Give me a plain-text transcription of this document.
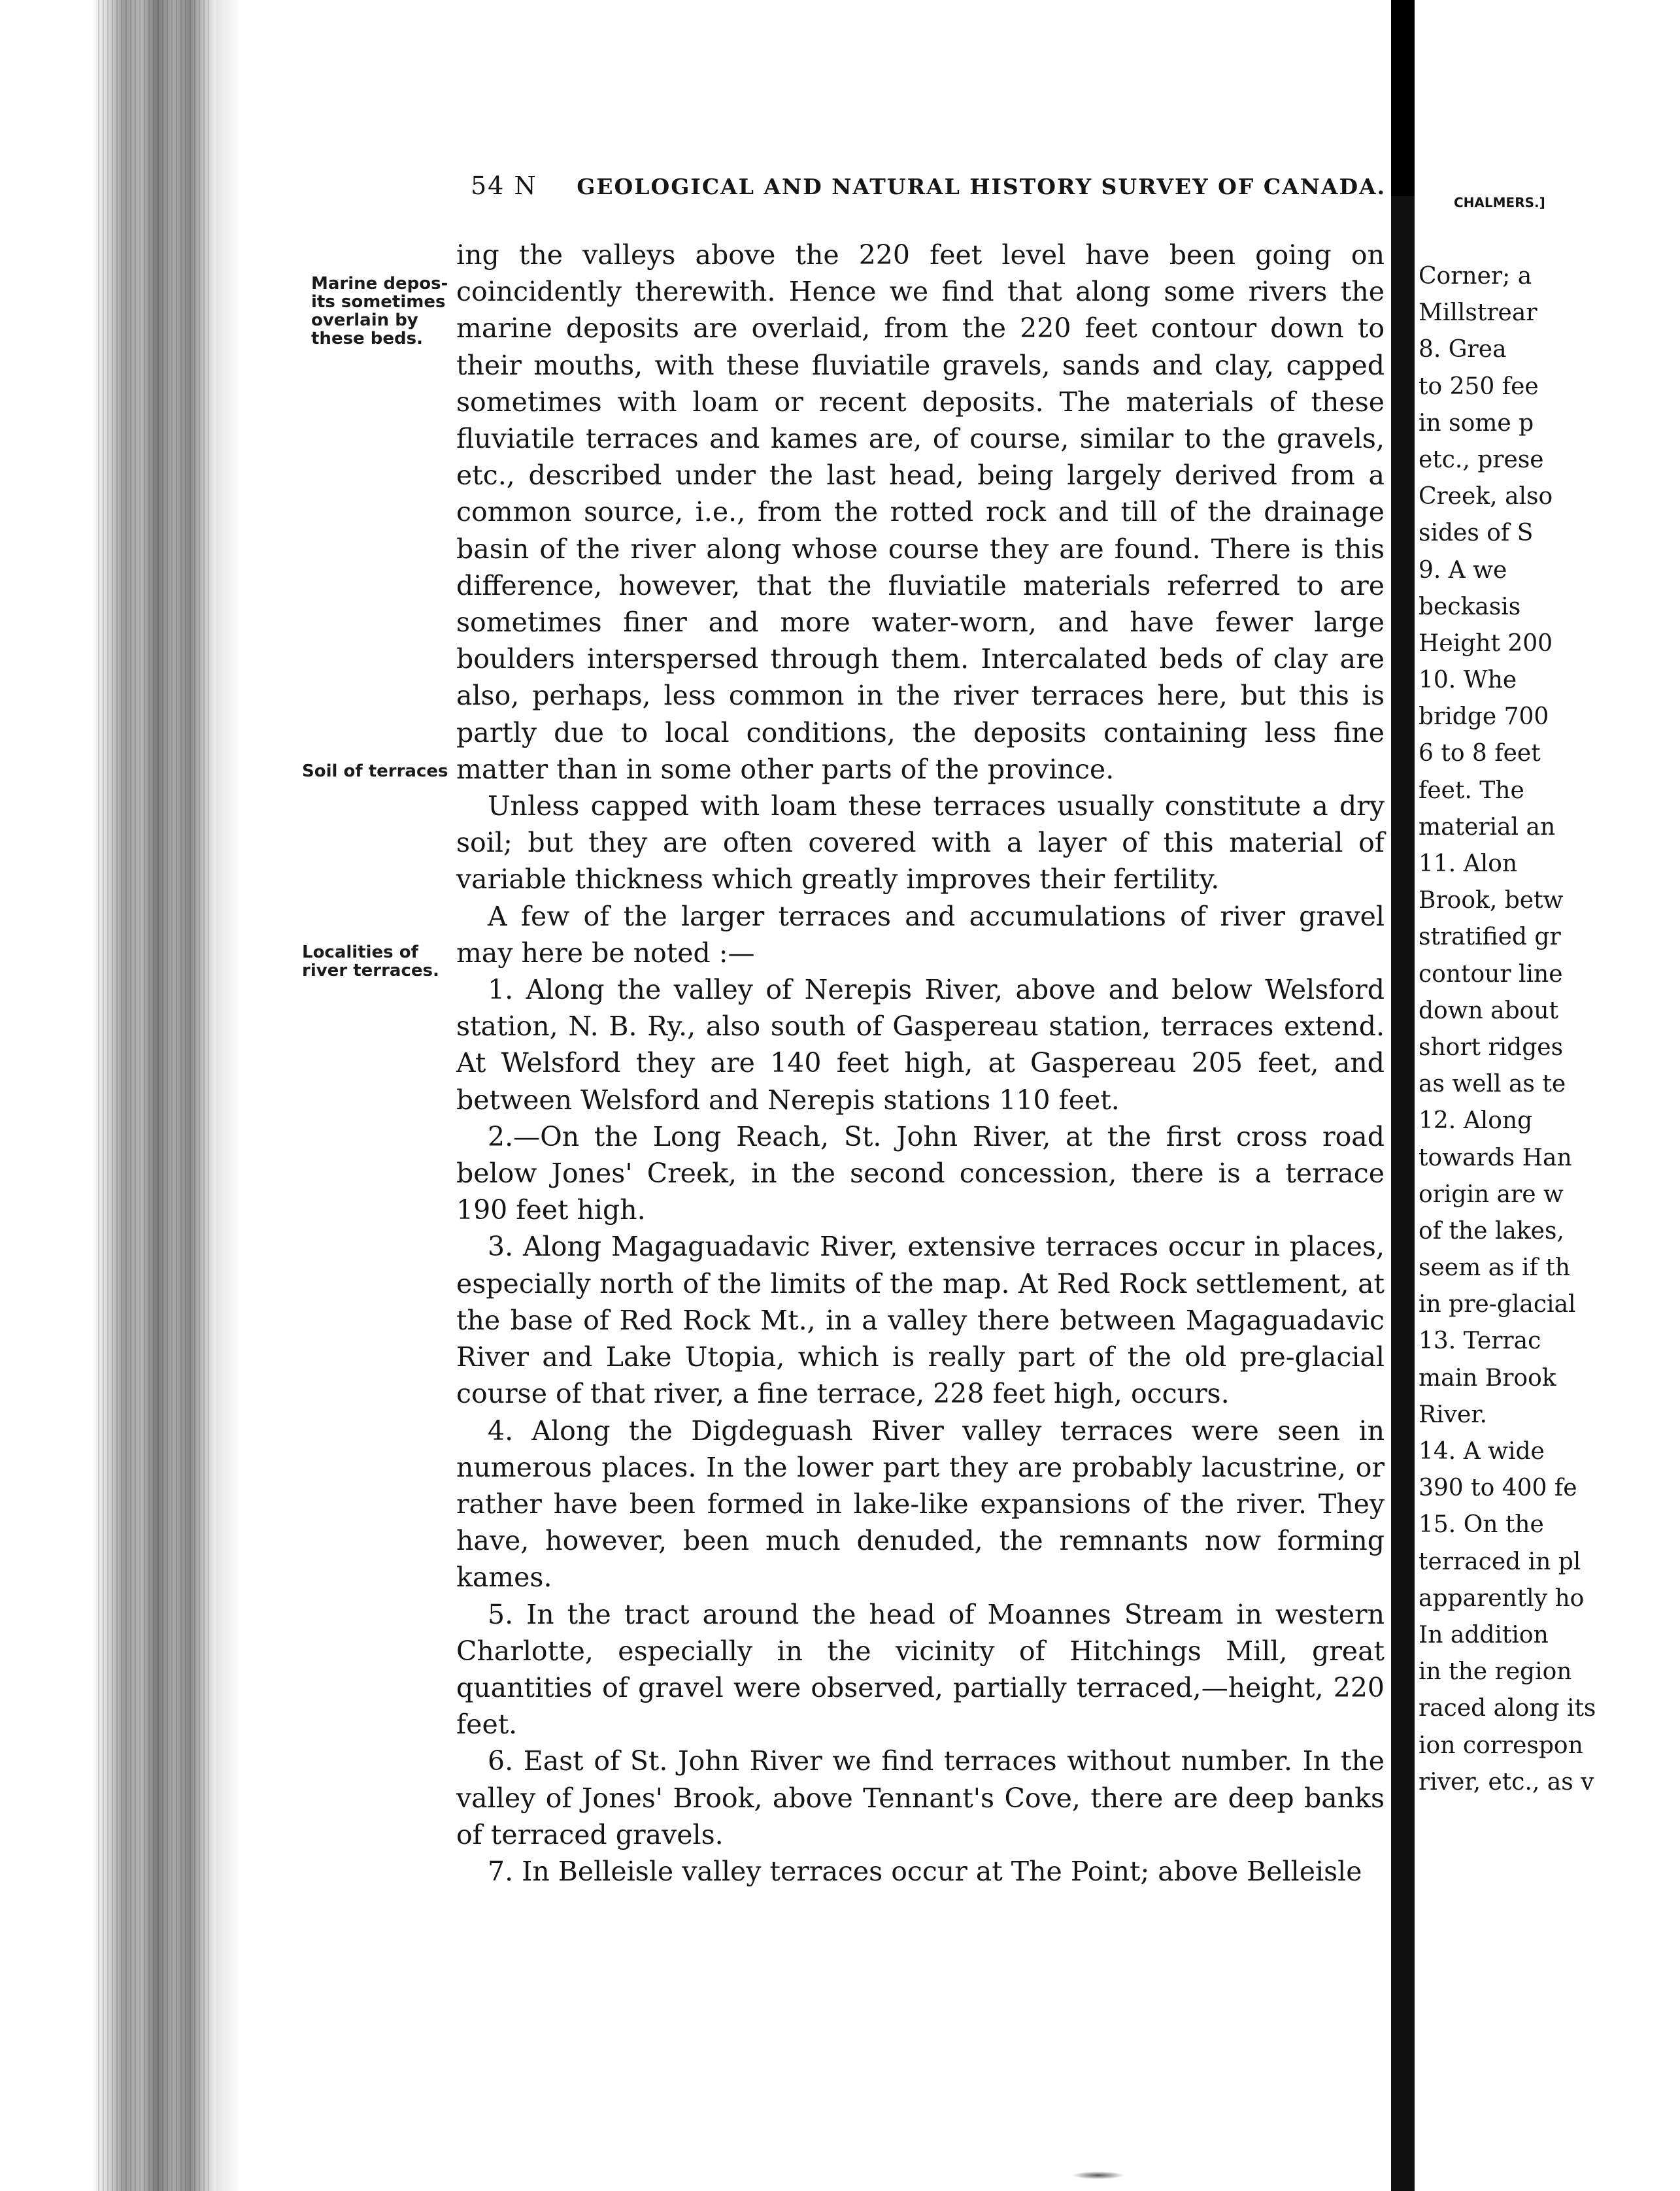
54 N GEOLOGICAL AND NATURAL HISTORY SURVEY OF CANADA.
Marine depos-
its sometimes
overlain by
these beds.
Soil of terraces
Localities of
river terraces.

ing the valleys above the 220 feet level have been going on coincidently therewith. Hence we find that along some rivers the marine deposits are overlaid, from the 220 feet contour down to their mouths, with these fluviatile gravels, sands and clay, capped sometimes with loam or recent deposits. The materials of these fluviatile terraces and kames are, of course, similar to the gravels, etc., described under the last head, being largely derived from a common source, i.e., from the rotted rock and till of the drainage basin of the river along whose course they are found. There is this difference, however, that the fluviatile materials referred to are sometimes finer and more water-worn, and have fewer large boulders interspersed through them. Intercalated beds of clay are also, perhaps, less common in the river terraces here, but this is partly due to local conditions, the deposits containing less fine matter than in some other parts of the province.

Unless capped with loam these terraces usually constitute a dry soil; but they are often covered with a layer of this material of variable thickness which greatly improves their fertility.

A few of the larger terraces and accumulations of river gravel may here be noted :—

1. Along the valley of Nerepis River, above and below Welsford station, N. B. Ry., also south of Gaspereau station, terraces extend. At Welsford they are 140 feet high, at Gaspereau 205 feet, and between Welsford and Nerepis stations 110 feet.

2.—On the Long Reach, St. John River, at the first cross road below Jones' Creek, in the second concession, there is a terrace 190 feet high.

3. Along Magaguadavic River, extensive terraces occur in places, especially north of the limits of the map. At Red Rock settlement, at the base of Red Rock Mt., in a valley there between Magaguadavic River and Lake Utopia, which is really part of the old pre-glacial course of that river, a fine terrace, 228 feet high, occurs.

4. Along the Digdeguash River valley terraces were seen in numerous places. In the lower part they are probably lacustrine, or rather have been formed in lake-like expansions of the river. They have, however, been much denuded, the remnants now forming kames.

5. In the tract around the head of Moannes Stream in western Charlotte, especially in the vicinity of Hitchings Mill, great quantities of gravel were observed, partially terraced,—height, 220 feet.

6. East of St. John River we find terraces without number. In the valley of Jones' Brook, above Tennant's Cove, there are deep banks of terraced gravels.

7. In Belleisle valley terraces occur at The Point; above Belleisle

CHALMERS.]
Corner; a
Millstrear
8. Grea
to 250 fee
in some p
etc., prese
Creek, also
sides of S
9. A we
beckasis
Height 200
10. Whe
bridge 700
6 to 8 feet
feet. The
material an
11. Alon
Brook, betw
stratified gr
contour line
down about
short ridges
as well as te
12. Along
towards Han
origin are w
of the lakes,
seem as if th
in pre-glacial
13. Terrac
main Brook
River.
14. A wide
390 to 400 fe
15. On the
terraced in pl
apparently ho
In addition
in the region
raced along its
ion correspon
river, etc., as v
